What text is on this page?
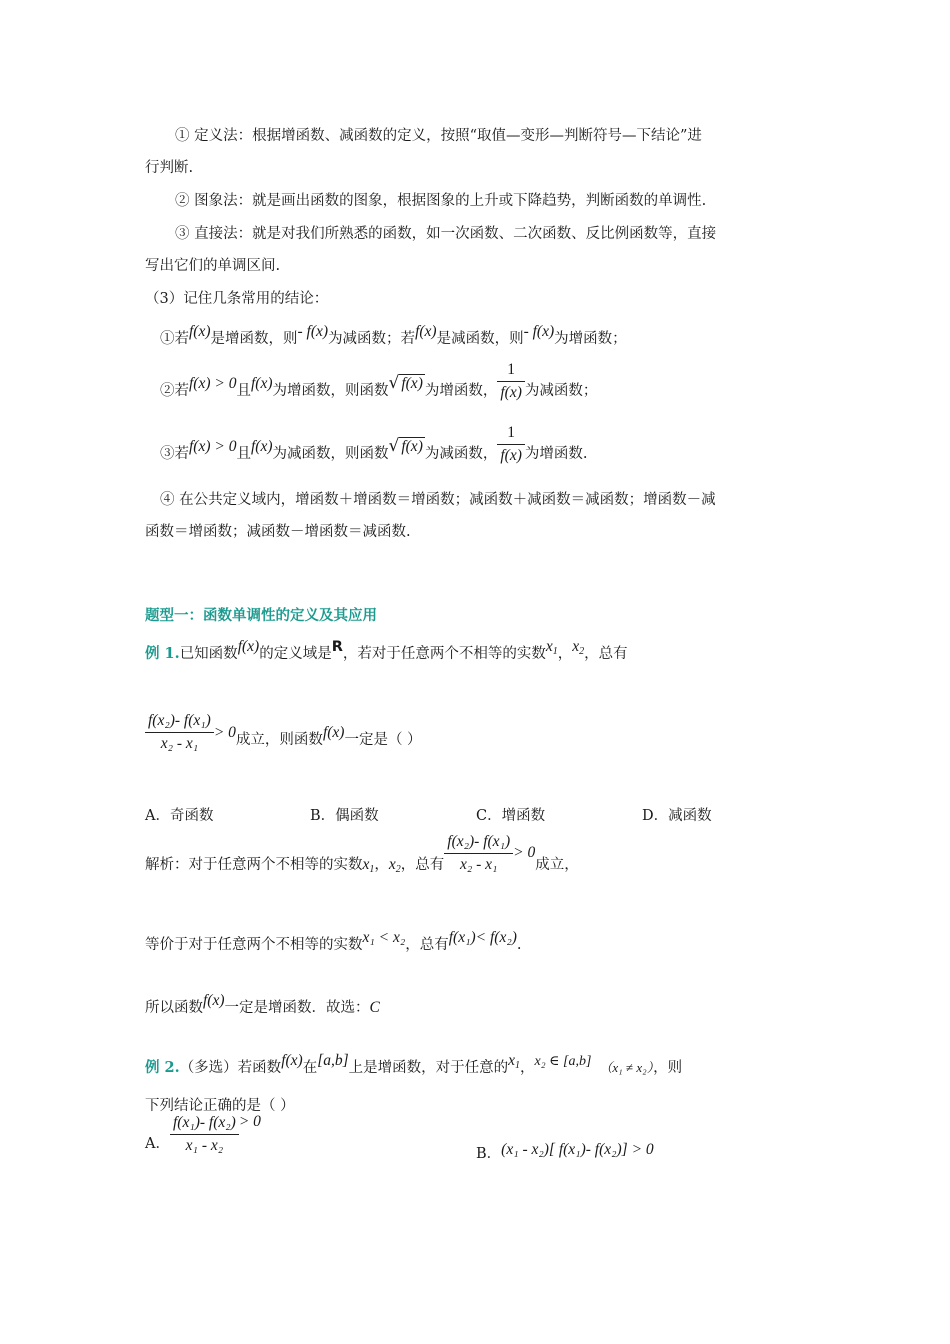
① 定义法：根据增函数、减函数的定义，按照“取值—变形—判断符号—下结论”进
行判断.
② 图象法：就是画出函数的图象，根据图象的上升或下降趋势，判断函数的单调性.
③ 直接法：就是对我们所熟悉的函数，如一次函数、二次函数、反比例函数等，直接
写出它们的单调区间.
（3）记住几条常用的结论：
①若f(x)是增函数，则- f(x)为减函数；若f(x)是减函数，则- f(x)为增函数；
②若f(x) > 0且f(x)为增函数，则函数√ f(x) 为增函数， $\frac{1}{f(x)}$ 为减函数；
③若f(x) > 0且f(x)为减函数，则函数√ f(x) 为减函数， $\frac{1}{f(x)}$ 为增函数.
④ 在公共定义域内，增函数＋增函数＝增函数；减函数＋减函数＝减函数；增函数－减
函数＝增函数；减函数－增函数＝减函数.
题型一：函数单调性的定义及其应用
例 1.已知函数f(x)的定义域是R，若对于任意两个不相等的实数$x_1$，$x_2$，总有
$\frac{\text{f(x₂)- f(x₁)}}{\text{x₂ - x₁}} > 0$成立，则函数f(x)一定是（ ）
A．奇函数	B．偶函数	C．增函数	D．减函数
解析：对于任意两个不相等的实数$x_1$，$x_2$，总有 $\frac{\text{f(x₂)- f(x₁)}}{\text{x₂ - x₁}} > 0$成立，
等价于对于任意两个不相等的实数x₁ < x₂，总有f(x₁)< f(x₂).
所以函数f(x)一定是增函数．故选：C
例 2.（多选）若函数f(x)在[a,b]上是增函数，对于任意的$x_1$，x₂ ∈ [a,b] （x₁ ≠ x₂），则
下列结论正确的是（ ）
A． $\frac{\text{f(x₁)- f(x₂)}}{\text{x₁ - x₂}} > 0$
B．(x₁ - x₂)[ f(x₁)- f(x₂)] > 0
